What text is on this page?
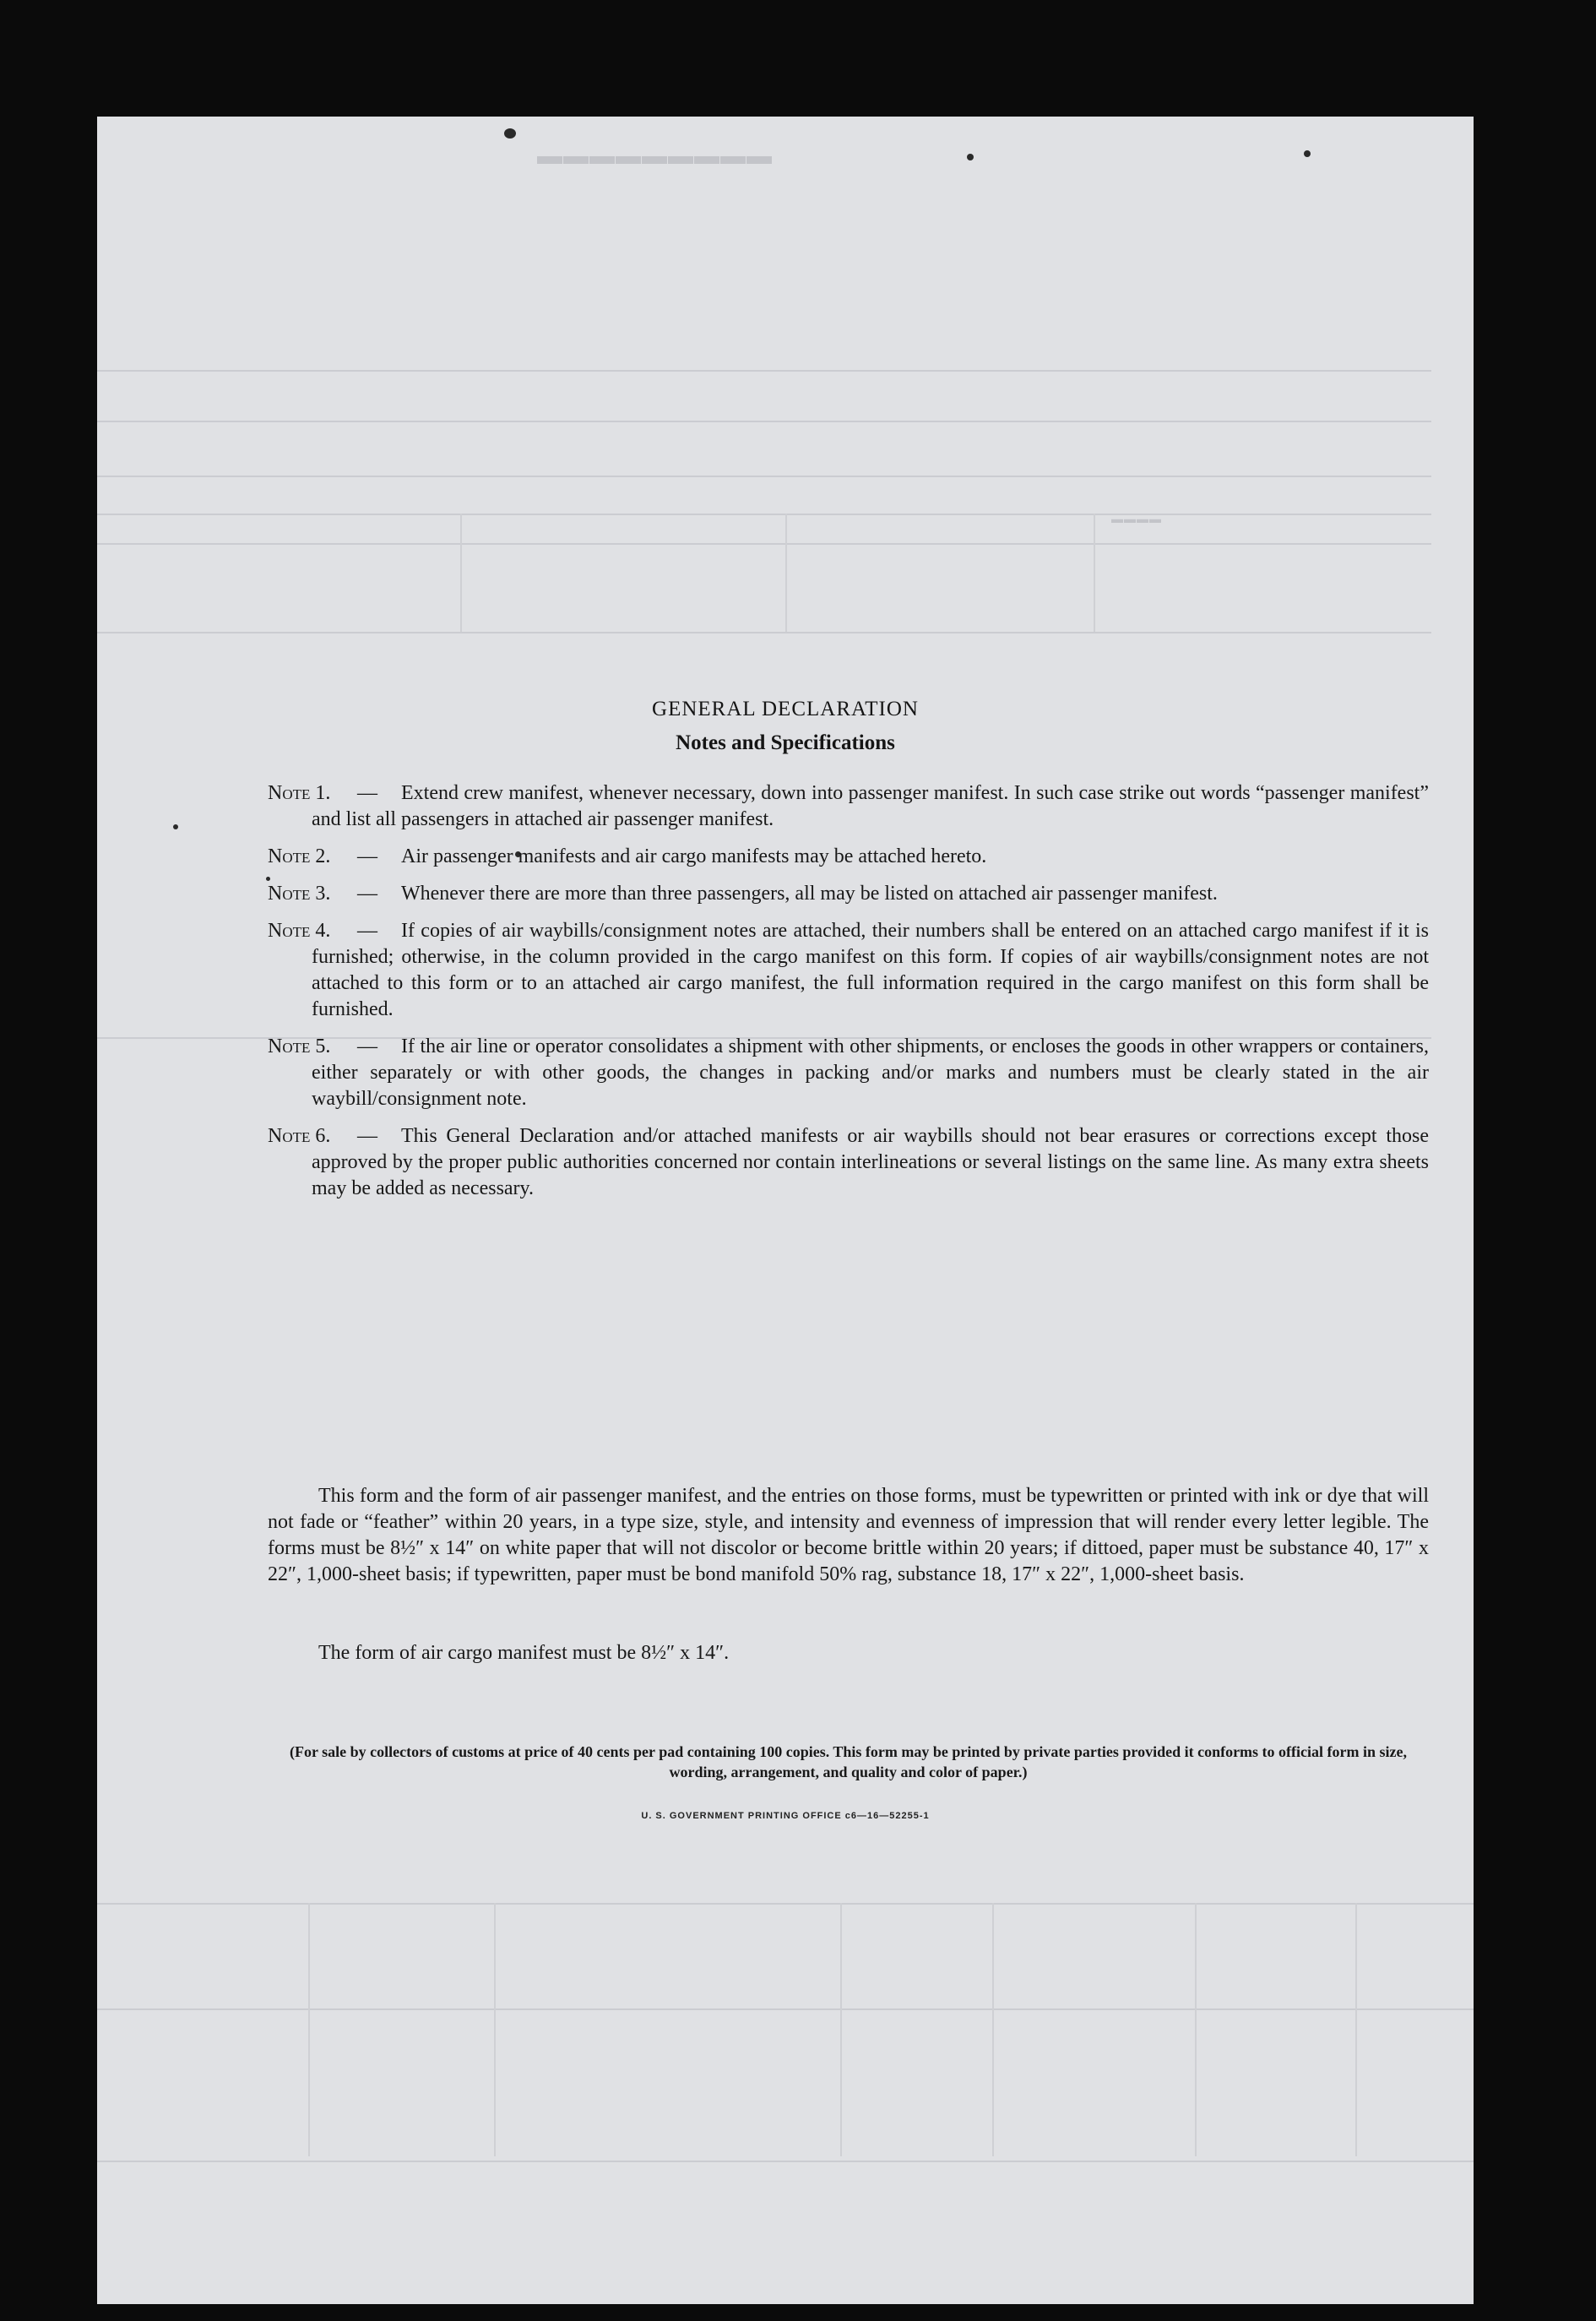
▬▬▬▬▬▬▬▬▬
▬▬▬▬
GENERAL DECLARATION
Notes and Specifications
Note 1. —	Extend crew manifest, whenever necessary, down into passenger manifest. In such case strike out words “passenger manifest” and list all passengers in attached air passenger manifest.
Note 2. —	Air passenger manifests and air cargo manifests may be attached hereto.
Note 3. —	Whenever there are more than three passengers, all may be listed on attached air passenger manifest.
Note 4. —	If copies of air waybills/consignment notes are attached, their numbers shall be entered on an attached cargo manifest if it is furnished; otherwise, in the column provided in the cargo manifest on this form. If copies of air waybills/consignment notes are not attached to this form or to an attached air cargo manifest, the full information required in the cargo manifest on this form shall be furnished.
Note 5. —	If the air line or operator consolidates a shipment with other shipments, or encloses the goods in other wrappers or containers, either separately or with other goods, the changes in packing and/or marks and numbers must be clearly stated in the air waybill/consignment note.
Note 6. —	This General Declaration and/or attached manifests or air waybills should not bear erasures or corrections except those approved by the proper public authorities concerned nor contain interlineations or several listings on the same line. As many extra sheets may be added as necessary.

This form and the form of air passenger manifest, and the entries on those forms, must be typewritten or printed with ink or dye that will not fade or “feather” within 20 years, in a type size, style, and intensity and evenness of impression that will render every letter legible. The forms must be 8½″ x 14″ on white paper that will not discolor or become brittle within 20 years; if dittoed, paper must be substance 40, 17″ x 22″, 1,000-sheet basis; if typewritten, paper must be bond manifold 50% rag, substance 18, 17″ x 22″, 1,000-sheet basis.

The form of air cargo manifest must be 8½″ x 14″.

(For sale by collectors of customs at price of 40 cents per pad containing 100 copies. This form may be printed by private parties provided it conforms to official form in size, wording, arrangement, and quality and color of paper.)

U. S. GOVERNMENT PRINTING OFFICE c6—16—52255-1
